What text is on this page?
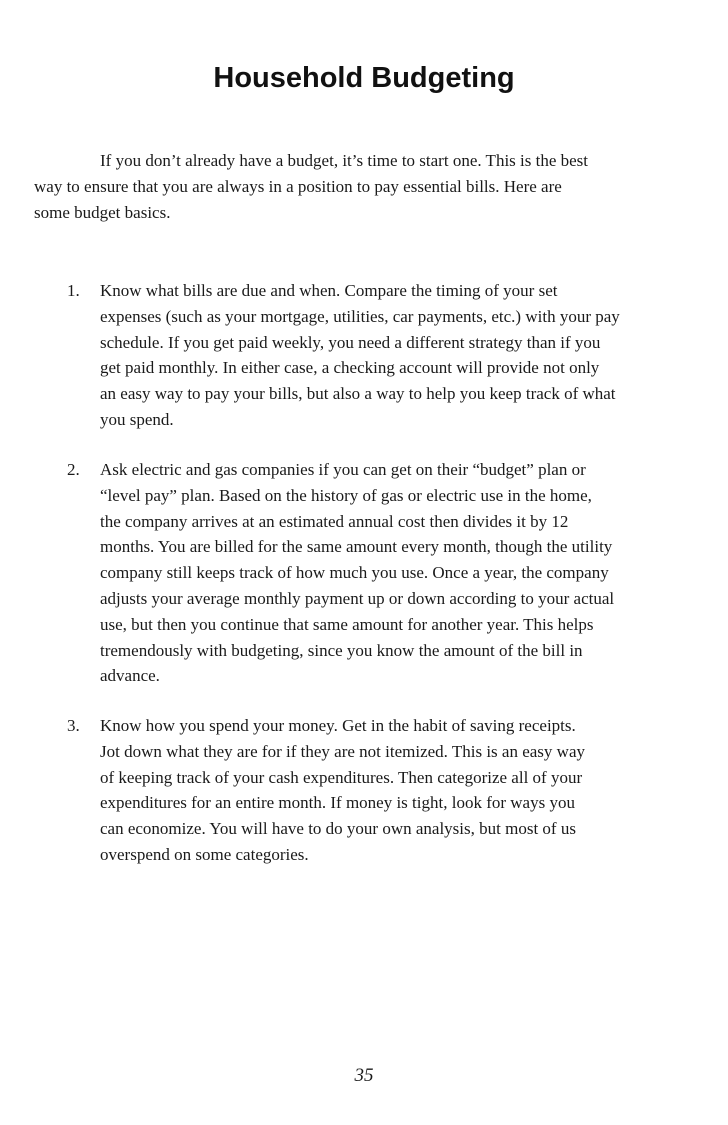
Household Budgeting

If you don’t already have a budget, it’s time to start one. This is the best
way to ensure that you are always in a position to pay essential bills. Here are
some budget basics.

1.	Know what bills are due and when. Compare the timing of your set
expenses (such as your mortgage, utilities, car payments, etc.) with your pay
schedule. If you get paid weekly, you need a different strategy than if you
get paid monthly. In either case, a checking account will provide not only
an easy way to pay your bills, but also a way to help you keep track of what
you spend.
2.	Ask electric and gas companies if you can get on their “budget” plan or
“level pay” plan. Based on the history of gas or electric use in the home,
the company arrives at an estimated annual cost then divides it by 12
months. You are billed for the same amount every month, though the utility
company still keeps track of how much you use. Once a year, the company
adjusts your average monthly payment up or down according to your actual
use, but then you continue that same amount for another year. This helps
tremendously with budgeting, since you know the amount of the bill in
advance.
3.	Know how you spend your money. Get in the habit of saving receipts.
Jot down what they are for if they are not itemized. This is an easy way
of keeping track of your cash expenditures. Then categorize all of your
expenditures for an entire month. If money is tight, look for ways you
can economize. You will have to do your own analysis, but most of us
overspend on some categories.
35
